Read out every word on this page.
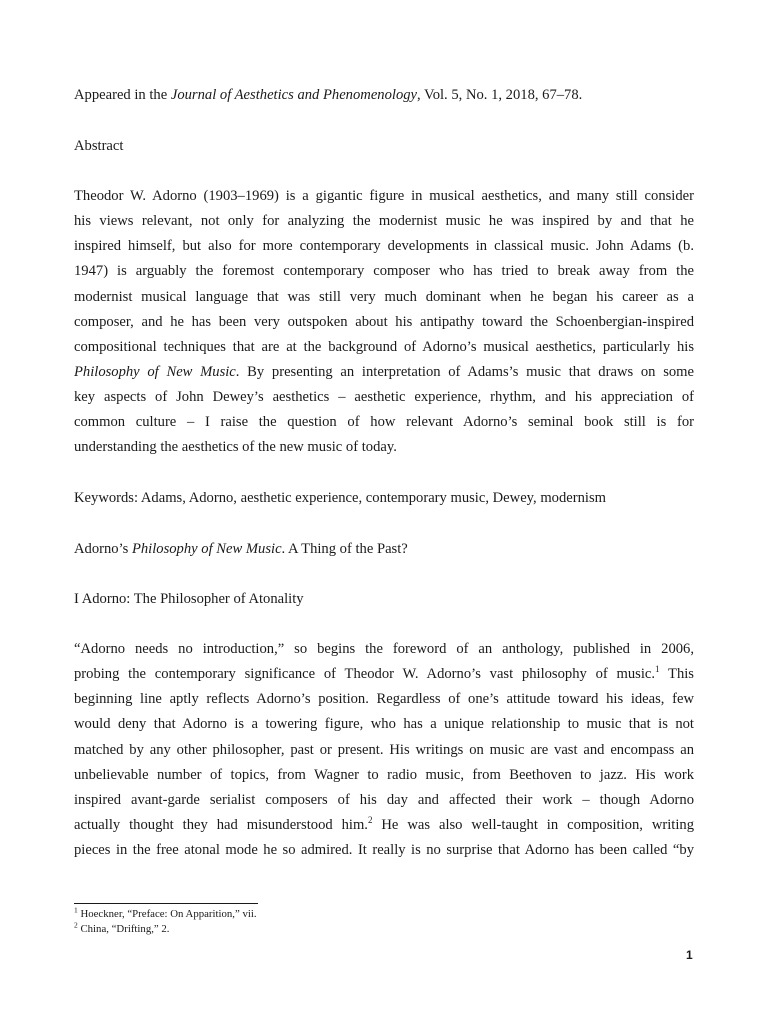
Appeared in the Journal of Aesthetics and Phenomenology, Vol. 5, No. 1, 2018, 67–78.
Abstract
Theodor W. Adorno (1903–1969) is a gigantic figure in musical aesthetics, and many still consider
his views relevant, not only for analyzing the modernist music he was inspired by and that he
inspired himself, but also for more contemporary developments in classical music. John Adams (b.
1947) is arguably the foremost contemporary composer who has tried to break away from the
modernist musical language that was still very much dominant when he began his career as a
composer, and he has been very outspoken about his antipathy toward the Schoenbergian-inspired
compositional techniques that are at the background of Adorno’s musical aesthetics, particularly his
Philosophy of New Music. By presenting an interpretation of Adams’s music that draws on some
key aspects of John Dewey’s aesthetics – aesthetic experience, rhythm, and his appreciation of
common culture – I raise the question of how relevant Adorno’s seminal book still is for
understanding the aesthetics of the new music of today.
Keywords: Adams, Adorno, aesthetic experience, contemporary music, Dewey, modernism
Adorno’s Philosophy of New Music. A Thing of the Past?
I Adorno: The Philosopher of Atonality
“Adorno needs no introduction,” so begins the foreword of an anthology, published in 2006,
probing the contemporary significance of Theodor W. Adorno’s vast philosophy of music.$^1$ This
beginning line aptly reflects Adorno’s position. Regardless of one’s attitude toward his ideas, few
would deny that Adorno is a towering figure, who has a unique relationship to music that is not
matched by any other philosopher, past or present. His writings on music are vast and encompass an
unbelievable number of topics, from Wagner to radio music, from Beethoven to jazz. His work
inspired avant-garde serialist composers of his day and affected their work – though Adorno
actually thought they had misunderstood him.$^2$ He was also well-taught in composition, writing
pieces in the free atonal mode he so admired. It really is no surprise that Adorno has been called “by
$^1$ Hoeckner, “Preface: On Apparition,” vii.
$^2$ China, “Drifting,” 2.
1
